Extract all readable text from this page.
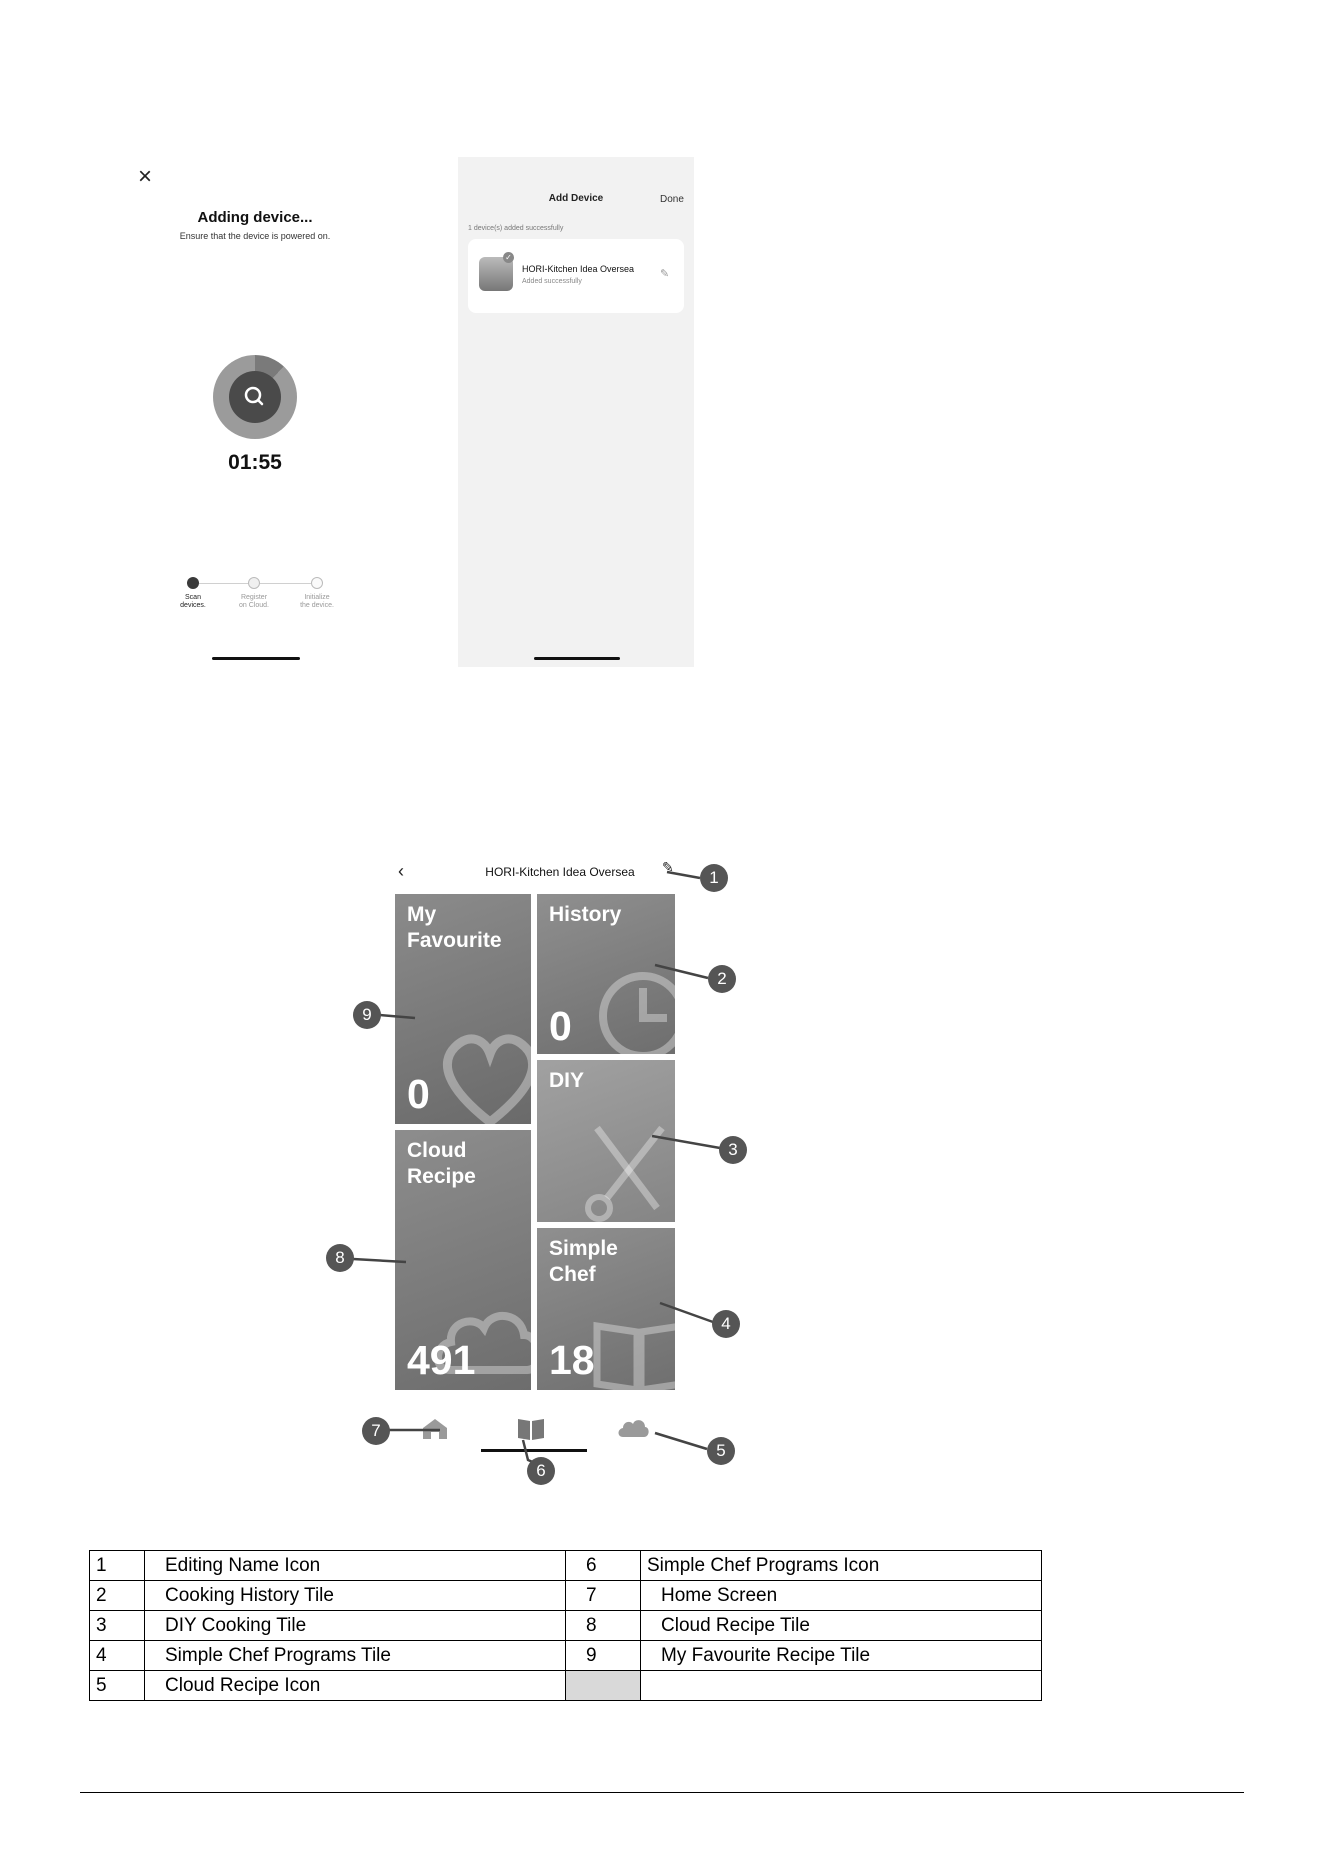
×
Adding device...
Ensure that the device is powered on.
01:55
Scan
devices.
Register
on Cloud.
Initialize
the device.
Add Device	Done
1 device(s) added successfully
✓
HORI-Kitchen Idea Oversea
Added successfully
✎
‹	HORI-Kitchen Idea Oversea	✎
My
Favourite
0
History
0
DIY
Cloud
Recipe
491
Simple
Chef
18
1
2
3
4
5
6
7
8
9
1	Editing Name Icon	6	Simple Chef Programs Icon
2	Cooking History Tile	7	Home Screen
3	DIY Cooking Tile	8	Cloud Recipe Tile
4	Simple Chef Programs Tile	9	My Favourite Recipe Tile
5	Cloud Recipe Icon		
